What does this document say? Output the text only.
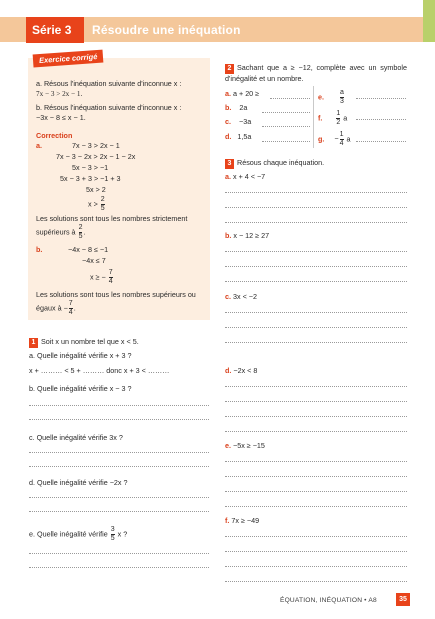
Série 3	Résoudre une inéquation
Exercice corrigé
a. Résous l'inéquation suivante d'inconnue x :
7x − 3 > 2x − 1.
b. Résous l'inéquation suivante d'inconnue x :
−3x − 8 ≤ x − 1.
Correction
a.	7x − 3 > 2x − 1
7x − 3 − 2x > 2x − 1 − 2x
5x − 3 > −1
5x − 3 + 3 > −1 + 3
5x > 2
$x > \frac{2}{5}$
Les solutions sont tous les nombres strictement supérieurs à $\frac{2}{5}$ .
b.	−4x − 8 ≤ −1
−4x ≤ 7
x ≥ − $\frac{7}{4}$
Les solutions sont tous les nombres supérieurs ou égaux à − $\frac{7}{4}$ .
1 Soit x un nombre tel que x < 5.
a. Quelle inégalité vérifie x + 3 ?
x + ……… < 5 + ……… donc x + 3 < ………
b. Quelle inégalité vérifie x − 3 ?
c. Quelle inégalité vérifie 3x ?
d. Quelle inégalité vérifie −2x ?
e. Quelle inégalité vérifie $\frac{3}{5}$ x ?
2 Sachant que a ≥ −12, complète avec un symbole d'inégalité et un nombre.
a. a + 20 ≥
b. 2a
c. −3a
d. 1,5a
e. $\frac{a}{3}$
f. $\frac{1}{2}$ a
g. − $\frac{1}{4}$ a
3 Résous chaque inéquation.
a. x + 4 < −7
b. x − 12 ≥ 27
c. 3x < −2
d. −2x < 8
e. −5x ≥ −15
f. 7x ≥ −49
ÉQUATION, INÉQUATION • A8	35
